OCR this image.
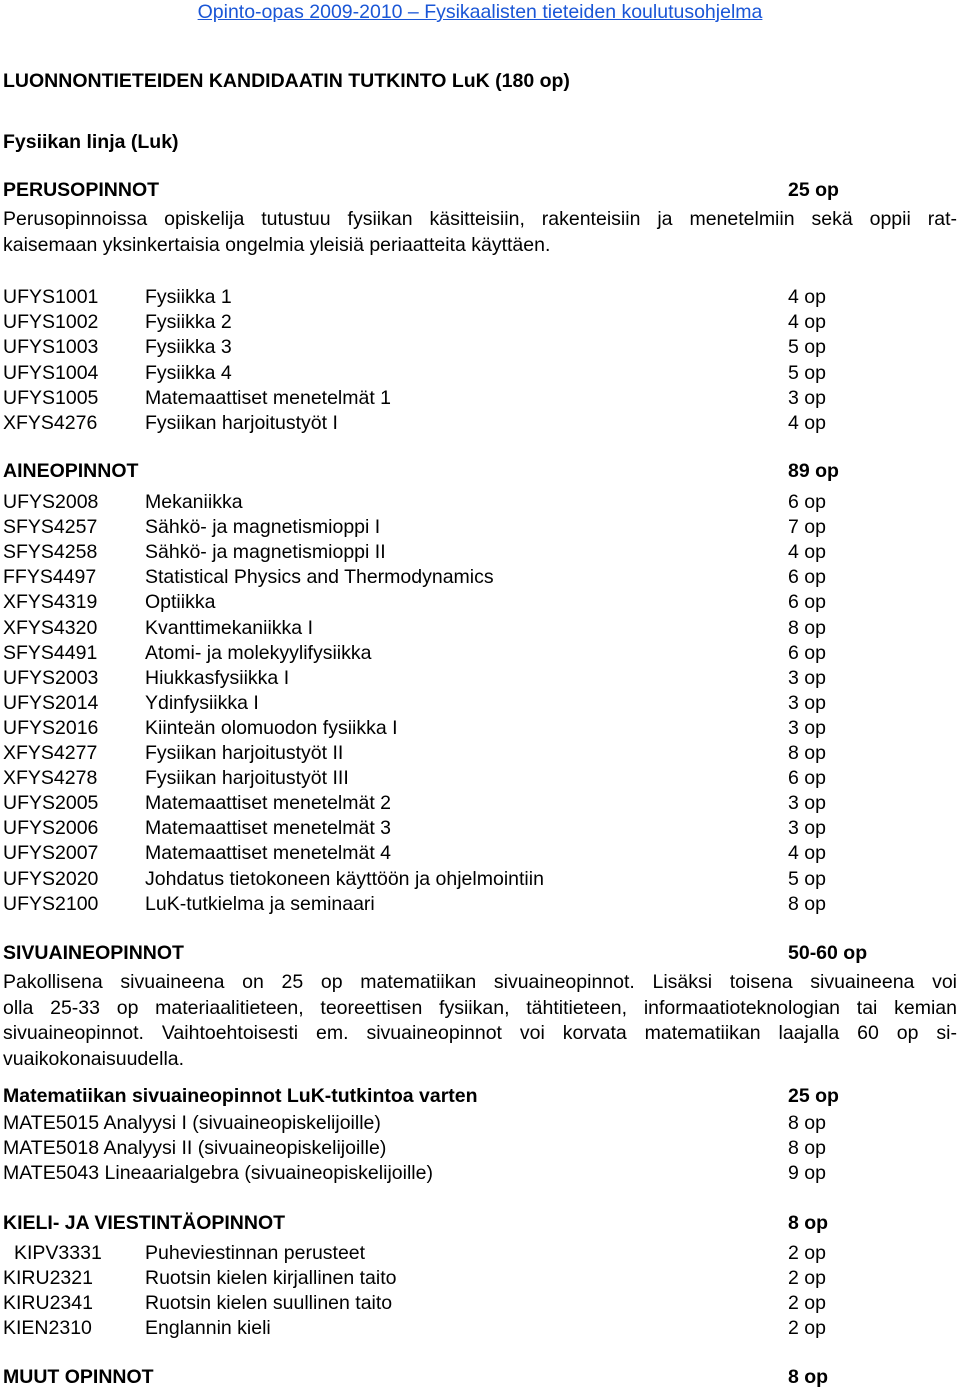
Opinto-opas 2009-2010 – Fysikaalisten tieteiden koulutusohjelma
LUONNONTIETEIDEN KANDIDAATIN TUTKINTO LuK (180 op)
Fysiikan linja (Luk)
PERUSOPINNOT	25 op
Perusopinnoissa opiskelija tutustuu fysiikan käsitteisiin, rakenteisiin ja menetelmiin sekä oppii rat-
kaisemaan yksinkertaisia ongelmia yleisiä periaatteita käyttäen.
UFYS1001 Fysiikka 1	4 op
UFYS1002 Fysiikka 2	4 op
UFYS1003 Fysiikka 3	5 op
UFYS1004 Fysiikka 4	5 op
UFYS1005 Matemaattiset menetelmät 1	3 op
XFYS4276 Fysiikan harjoitustyöt I	4 op
AINEOPINNOT	89 op
UFYS2008 Mekaniikka	6 op
SFYS4257 Sähkö- ja magnetismioppi I	7 op
SFYS4258 Sähkö- ja magnetismioppi II	4 op
FFYS4497	Statistical Physics and Thermodynamics	6 op
XFYS4319 Optiikka	6 op
XFYS4320 Kvanttimekaniikka I	8 op
SFYS4491 Atomi- ja molekyylifysiikka	6 op
UFYS2003 Hiukkasfysiikka I	3 op
UFYS2014 Ydinfysiikka I	3 op
UFYS2016 Kiinteän olomuodon fysiikka I	3 op
XFYS4277 Fysiikan harjoitustyöt II	8 op
XFYS4278 Fysiikan harjoitustyöt III	6 op
UFYS2005 Matemaattiset menetelmät 2	3 op
UFYS2006 Matemaattiset menetelmät 3	3 op
UFYS2007 Matemaattiset menetelmät 4	4 op
UFYS2020 Johdatus tietokoneen käyttöön ja ohjelmointiin	5 op
UFYS2100 LuK-tutkielma ja seminaari	8 op
SIVUAINEOPINNOT	50-60 op
Pakollisena sivuaineena on 25 op matematiikan sivuaineopinnot. Lisäksi toisena sivuaineena voi
olla 25-33 op materiaalitieteen, teoreettisen fysiikan, tähtitieteen, informaatioteknologian tai kemian
sivuaineopinnot. Vaihtoehtoisesti em. sivuaineopinnot voi korvata matematiikan laajalla 60 op si-
vuaikokonaisuudella.
Matematiikan sivuaineopinnot LuK-tutkintoa varten	25 op
MATE5015 Analyysi I (sivuaineopiskelijoille)	8 op
MATE5018 Analyysi II (sivuaineopiskelijoille)	8 op
MATE5043 Lineaarialgebra (sivuaineopiskelijoille)	9 op
KIELI- JA VIESTINTÄOPINNOT	8 op
KIPV3331 Puheviestinnan perusteet	2 op
KIRU2321	Ruotsin kielen kirjallinen taito	2 op
KIRU2341	Ruotsin kielen suullinen taito	2 op
KIEN2310	Englannin kieli	2 op
MUUT OPINNOT	8 op
